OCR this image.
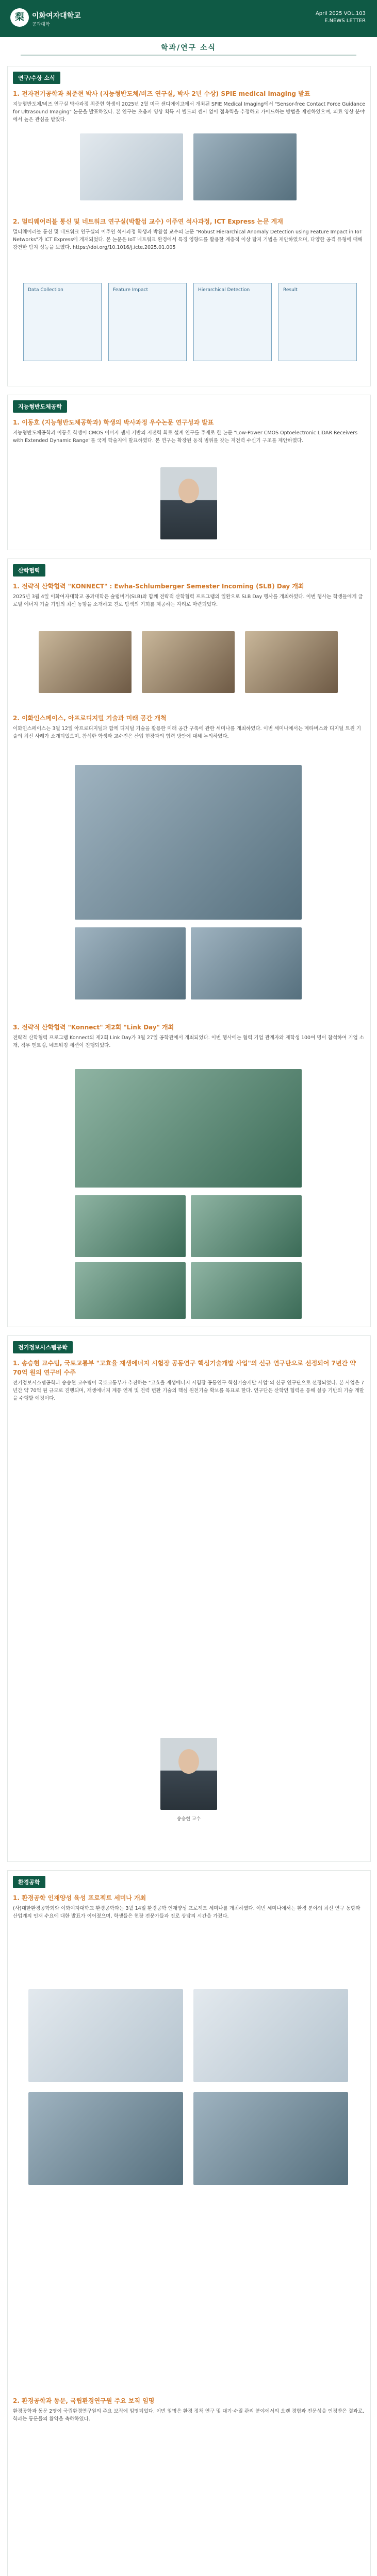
梨	이화여자대학교
공과대학
April 2025 VOL.103
E.NEWS LETTER
학과/연구 소식
연구/수상 소식
1. 전자전기공학과 최준현 박사 (지능형반도체/비즈 연구실, 박사 2년 수상) SPIE medical imaging 발표
지능형반도체/비즈 연구실 박사과정 최준현 학생이 2025년 2월 미국 샌디에이고에서 개최된 SPIE Medical Imaging에서 "Sensor-free Contact Force Guidance for Ultrasound Imaging" 논문을 발표하였다. 본 연구는 초음파 영상 획득 시 별도의 센서 없이 접촉력을 추정하고 가이드하는 방법을 제안하였으며, 의료 영상 분야에서 높은 관심을 받았다.
2. 멀티웨어러블 통신 및 네트워크 연구실(박활섭 교수) 이주연 석사과정, ICT Express 논문 게재
멀티웨어러블 통신 및 네트워크 연구실의 이주연 석사과정 학생과 박활섭 교수의 논문 "Robust Hierarchical Anomaly Detection using Feature Impact in IoT Networks"가 ICT Express에 게재되었다. 본 논문은 IoT 네트워크 환경에서 특징 영향도를 활용한 계층적 이상 탐지 기법을 제안하였으며, 다양한 공격 유형에 대해 강건한 탐지 성능을 보였다. https://doi.org/10.1016/j.icte.2025.01.005
Data Collection	Feature Impact	Hierarchical Detection	Result
지능형반도체공학
1. 이동호 (지능형반도체공학과) 학생의 박사과정 우수논문 연구성과 발표
지능형반도체공학과 이동호 학생이 CMOS 이미지 센서 기반의 저전력 회로 설계 연구를 주제로 한 논문 "Low-Power CMOS Optoelectronic LiDAR Receivers with Extended Dynamic Range"를 국제 학술지에 발표하였다. 본 연구는 확장된 동적 범위를 갖는 저전력 수신기 구조를 제안하였다.
산학협력
1. 전략적 산학협력 "KONNECT" : Ewha-Schlumberger Semester Incoming (SLB) Day 개최
2025년 3월 4일 이화여자대학교 공과대학은 슐럼버거(SLB)와 함께 전략적 산학협력 프로그램의 일환으로 SLB Day 행사를 개최하였다. 이번 행사는 학생들에게 글로벌 에너지 기술 기업의 최신 동향을 소개하고 진로 탐색의 기회를 제공하는 자리로 마련되었다.
2. 이화인스페이스, 아프로디지털 기술과 미래 공간 개척
이화인스페이스는 3월 12일 아프로디지털과 함께 디지털 기술을 활용한 미래 공간 구축에 관한 세미나를 개최하였다. 이번 세미나에서는 메타버스와 디지털 트윈 기술의 최신 사례가 소개되었으며, 참석한 학생과 교수진은 산업 현장과의 협력 방안에 대해 논의하였다.
3. 전략적 산학협력 "Konnect" 제2회 "Link Day" 개최
전략적 산학협력 프로그램 Konnect의 제2회 Link Day가 3월 27일 공학관에서 개최되었다. 이번 행사에는 협력 기업 관계자와 재학생 100여 명이 참석하여 기업 소개, 직무 멘토링, 네트워킹 세션이 진행되었다.
전기정보시스템공학
1. 송승현 교수팀, 국토교통부 "고효율 재생에너지 시험장 공동연구 핵심기술개발 사업"의 신규 연구단으로 선정되어 7년간 약 70억 원의 연구비 수주
전기정보시스템공학과 송승현 교수팀이 국토교통부가 추진하는 "고효율 재생에너지 시험장 공동연구 핵심기술개발 사업"의 신규 연구단으로 선정되었다. 본 사업은 7년간 약 70억 원 규모로 진행되며, 재생에너지 계통 연계 및 전력 변환 기술의 핵심 원천기술 확보를 목표로 한다. 연구단은 산학연 협력을 통해 실증 기반의 기술 개발을 수행할 예정이다.
송승현 교수
환경공학
1. 환경공학 인재양성 육성 프로젝트 세미나 개최
(사)대한환경공학회와 이화여자대학교 환경공학과는 3월 14일 환경공학 인재양성 프로젝트 세미나를 개최하였다. 이번 세미나에서는 환경 분야의 최신 연구 동향과 산업계의 인재 수요에 대한 발표가 이어졌으며, 학생들은 현장 전문가들과 진로 상담의 시간을 가졌다.
2. 환경공학과 동문, 국립환경연구원 주요 보직 임명
환경공학과 동문 2명이 국립환경연구원의 주요 보직에 임명되었다. 이번 임명은 환경 정책 연구 및 대기·수질 관리 분야에서의 오랜 경험과 전문성을 인정받은 결과로, 학과는 동문들의 활약을 축하하였다.
